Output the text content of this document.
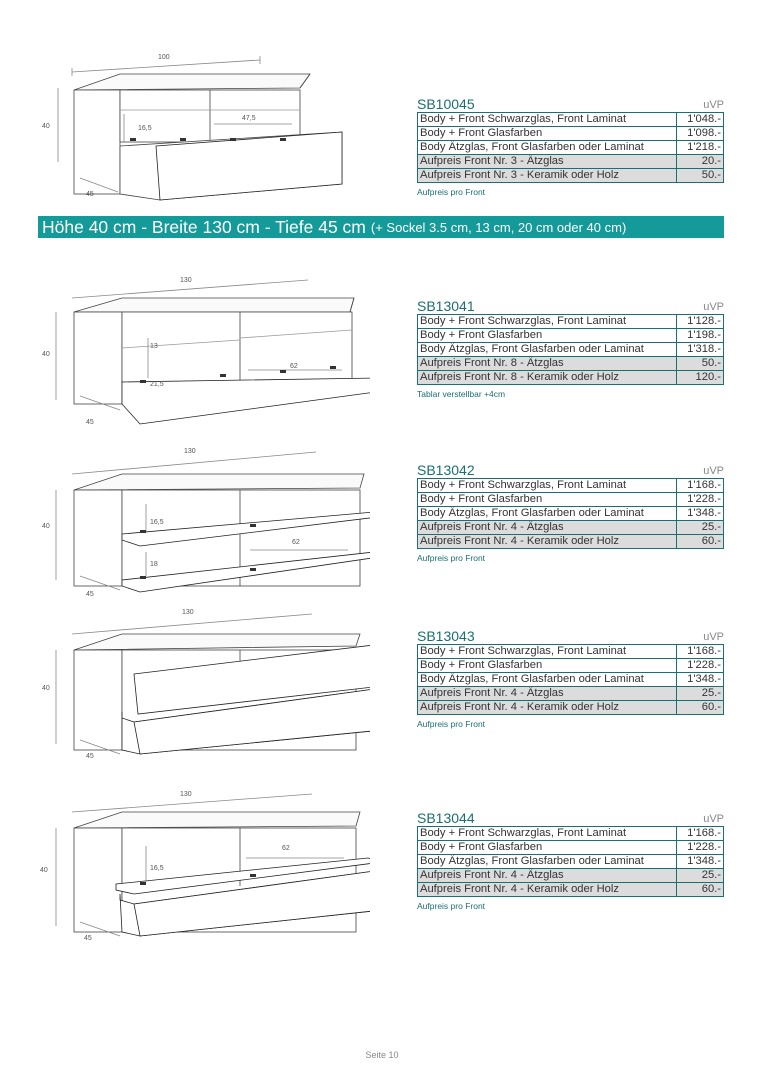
100
40
45
16,5
47,5
SB10045	uVP
Body + Front Schwarzglas, Front Laminat	1'048.-
Body + Front Glasfarben	1'098.-
Body Ätzglas, Front Glasfarben oder Laminat	1'218.-
Aufpreis Front Nr. 3 - Ätzglas	20.-
Aufpreis Front Nr. 3 - Keramik oder Holz	50.-
Aufpreis pro Front
Höhe 40 cm - Breite 130 cm - Tiefe 45 cm (+ Sockel 3.5 cm, 13 cm, 20 cm oder 40 cm)
130
40
45
13
62
21,5
SB13041	uVP
Body + Front Schwarzglas, Front Laminat	1'128.-
Body + Front Glasfarben	1'198.-
Body Ätzglas, Front Glasfarben oder Laminat	1'318.-
Aufpreis Front Nr. 8 - Ätzglas	50.-
Aufpreis Front Nr. 8 - Keramik oder Holz	120.-
Tablar verstellbar +4cm
130
40
45
16,5
62
18
SB13042	uVP
Body + Front Schwarzglas, Front Laminat	1'168.-
Body + Front Glasfarben	1'228.-
Body Ätzglas, Front Glasfarben oder Laminat	1'348.-
Aufpreis Front Nr. 4 - Ätzglas	25.-
Aufpreis Front Nr. 4 - Keramik oder Holz	60.-
Aufpreis pro Front
130
40
45
SB13043	uVP
Body + Front Schwarzglas, Front Laminat	1'168.-
Body + Front Glasfarben	1'228.-
Body Ätzglas, Front Glasfarben oder Laminat	1'348.-
Aufpreis Front Nr. 4 - Ätzglas	25.-
Aufpreis Front Nr. 4 - Keramik oder Holz	60.-
Aufpreis pro Front
130
40
45
16,5
62
SB13044	uVP
Body + Front Schwarzglas, Front Laminat	1'168.-
Body + Front Glasfarben	1'228.-
Body Ätzglas, Front Glasfarben oder Laminat	1'348.-
Aufpreis Front Nr. 4 - Ätzglas	25.-
Aufpreis Front Nr. 4 - Keramik oder Holz	60.-
Aufpreis pro Front
Seite 10
